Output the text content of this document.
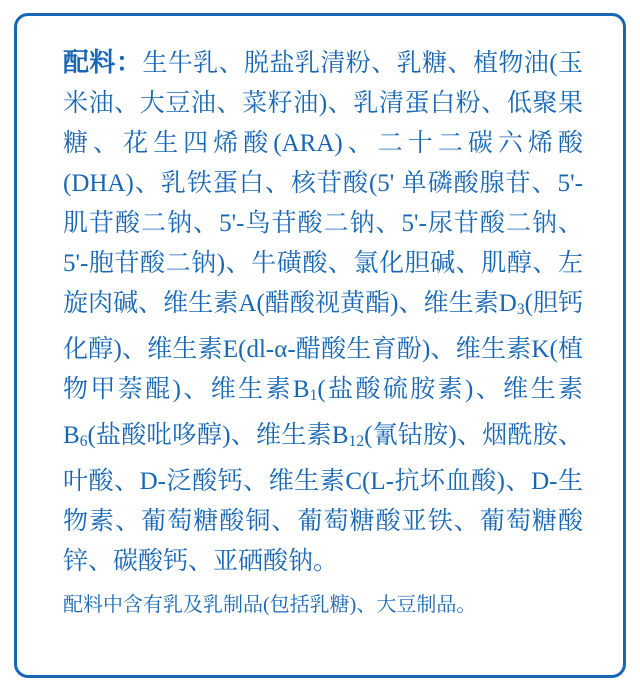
配料：生牛乳、脱盐乳清粉、乳糖、植物油(玉米油、大豆油、菜籽油)、乳清蛋白粉、低聚果糖、花生四烯酸(ARA)、二十二碳六烯酸(DHA)、乳铁蛋白、核苷酸(5' 单磷酸腺苷、5'-肌苷酸二钠、5'-鸟苷酸二钠、5'-尿苷酸二钠、5'-胞苷酸二钠)、牛磺酸、氯化胆碱、肌醇、左旋肉碱、维生素A(醋酸视黄酯)、维生素$D_3$(胆钙化醇)、维生素E(dl-α-醋酸生育酚)、维生素K(植物甲萘醌)、维生素$B_1$(盐酸硫胺素)、维生素$B_6$(盐酸吡哆醇)、维生素$B_{12}$(氰钴胺)、烟酰胺、叶酸、D-泛酸钙、维生素C(L-抗坏血酸)、D-生物素、葡萄糖酸铜、葡萄糖酸亚铁、葡萄糖酸锌、碳酸钙、亚硒酸钠。

配料中含有乳及乳制品(包括乳糖)、大豆制品。
